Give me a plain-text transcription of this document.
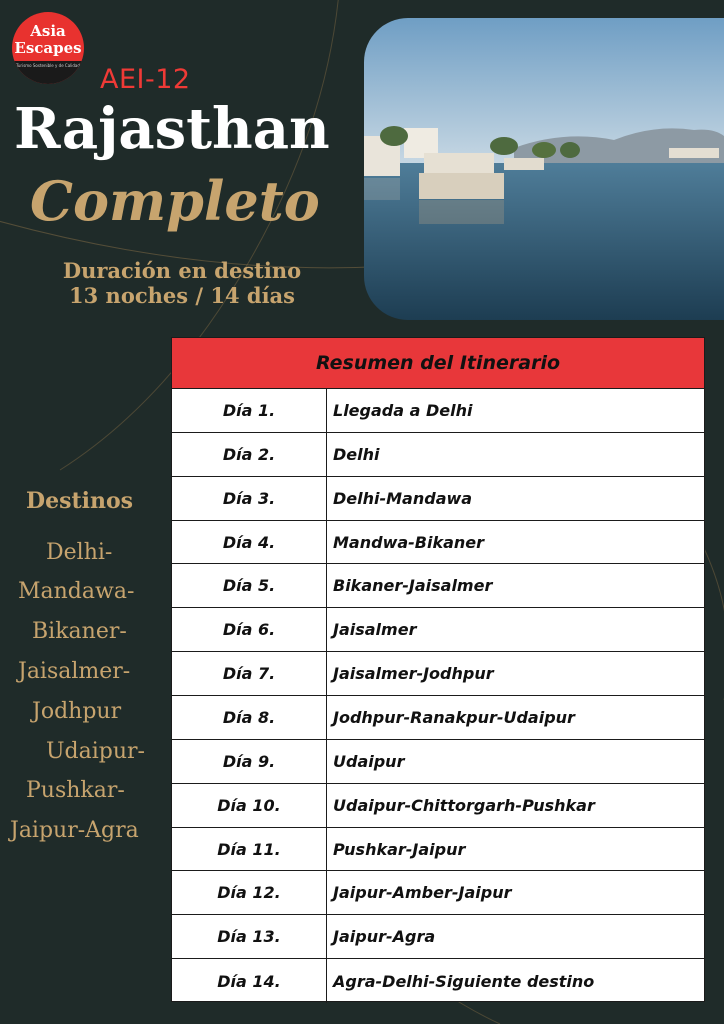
Asia
Escapes
Turismo Sostenible y de Calidad AEI-12
Rajasthan
Completo
Duración en destino
13 noches / 14 días
Destinos
Delhi-
Mandawa-
Bikaner-
Jaisalmer-
Jodhpur
Udaipur-
Pushkar-
Jaipur-Agra
Resumen del Itinerario
Día 1.	Llegada a Delhi
Día 2.	Delhi
Día 3.	Delhi-Mandawa
Día 4.	Mandwa-Bikaner
Día 5.	Bikaner-Jaisalmer
Día 6.	Jaisalmer
Día 7.	Jaisalmer-Jodhpur
Día 8.	Jodhpur-Ranakpur-Udaipur
Día 9.	Udaipur
Día 10.	Udaipur-Chittorgarh-Pushkar
Día 11.	Pushkar-Jaipur
Día 12.	Jaipur-Amber-Jaipur
Día 13.	Jaipur-Agra
Día 14.	Agra-Delhi-Siguiente destino
